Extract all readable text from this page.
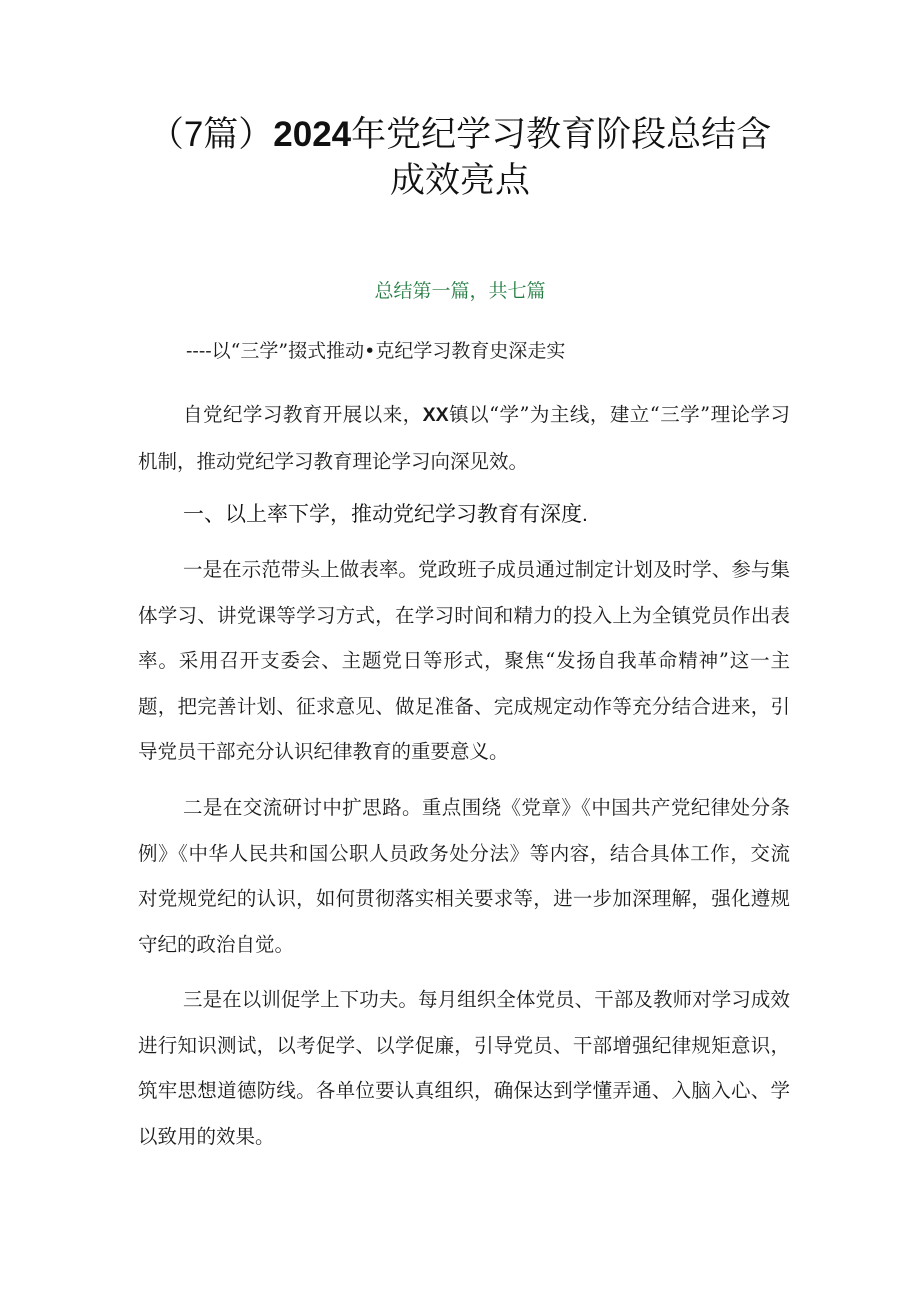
（7篇）2024年党纪学习教育阶段总结含
成效亮点
总结第一篇，共七篇
----以“三学”掇式推动•克纪学习教育史深走实

自党纪学习教育开展以来，XX镇以“学”为主线，建立“三学”理论学习机制，推动党纪学习教育理论学习向深见效。

一、以上率下学，推动党纪学习教育有深度.

一是在示范带头上做表率。党政班子成员通过制定计划及时学、参与集体学习、讲党课等学习方式，在学习时间和精力的投入上为全镇党员作出表率。采用召开支委会、主题党日等形式，聚焦“发扬自我革命精神”这一主题，把完善计划、征求意见、做足准备、完成规定动作等充分结合进来，引导党员干部充分认识纪律教育的重要意义。

二是在交流研讨中扩思路。重点围绕《党章》《中国共产党纪律处分条例》《中华人民共和国公职人员政务处分法》等内容，结合具体工作，交流对党规党纪的认识，如何贯彻落实相关要求等，进一步加深理解，强化遵规守纪的政治自觉。

三是在以训促学上下功夫。每月组织全体党员、干部及教师对学习成效进行知识测试，以考促学、以学促廉，引导党员、干部增强纪律规矩意识，筑牢思想道德防线。各单位要认真组织，确保达到学懂弄通、入脑入心、学以致用的效果。
